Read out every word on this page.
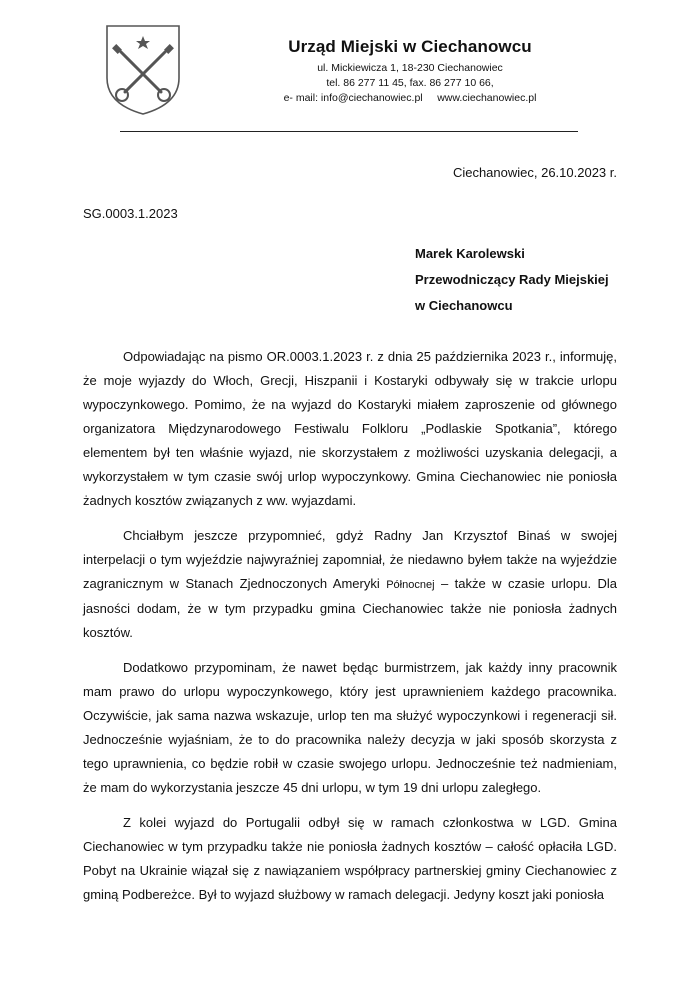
Urząd Miejski w Ciechanowcu
ul. Mickiewicza 1, 18-230 Ciechanowiec
tel. 86 277 11 45, fax. 86 277 10 66,
e- mail: info@ciechanowiec.pl     www.ciechanowiec.pl
Ciechanowiec, 26.10.2023 r.
SG.0003.1.2023
Marek Karolewski
Przewodniczący Rady Miejskiej
w Ciechanowcu

Odpowiadając na pismo OR.0003.1.2023 r. z dnia 25 października 2023 r., informuję, że moje wyjazdy do Włoch, Grecji, Hiszpanii i Kostaryki odbywały się w trakcie urlopu wypoczynkowego. Pomimo, że na wyjazd do Kostaryki miałem zaproszenie od głównego organizatora Międzynarodowego Festiwalu Folkloru „Podlaskie Spotkania”, którego elementem był ten właśnie wyjazd, nie skorzystałem z możliwości uzyskania delegacji, a wykorzystałem w tym czasie swój urlop wypoczynkowy. Gmina Ciechanowiec nie poniosła żadnych kosztów związanych z ww. wyjazdami.

Chciałbym jeszcze przypomnieć, gdyż Radny Jan Krzysztof Binaś w swojej interpelacji o tym wyjeździe najwyraźniej zapomniał, że niedawno byłem także na wyjeździe zagranicznym w Stanach Zjednoczonych Ameryki Północnej – także w czasie urlopu. Dla jasności dodam, że w tym przypadku gmina Ciechanowiec także nie poniosła żadnych kosztów.

Dodatkowo przypominam, że nawet będąc burmistrzem, jak każdy inny pracownik mam prawo do urlopu wypoczynkowego, który jest uprawnieniem każdego pracownika. Oczywiście, jak sama nazwa wskazuje, urlop ten ma służyć wypoczynkowi i regeneracji sił. Jednocześnie wyjaśniam, że to do pracownika należy decyzja w jaki sposób skorzysta z tego uprawnienia, co będzie robił w czasie swojego urlopu. Jednocześnie też nadmieniam, że mam do wykorzystania jeszcze 45 dni urlopu, w tym 19 dni urlopu zaległego.

Z kolei wyjazd do Portugalii odbył się w ramach członkostwa w LGD. Gmina Ciechanowiec w tym przypadku także nie poniosła żadnych kosztów – całość opłaciła LGD. Pobyt na Ukrainie wiązał się z nawiązaniem współpracy partnerskiej gminy Ciechanowiec z gminą Podbereżce. Był to wyjazd służbowy w ramach delegacji. Jedyny koszt jaki poniosła
